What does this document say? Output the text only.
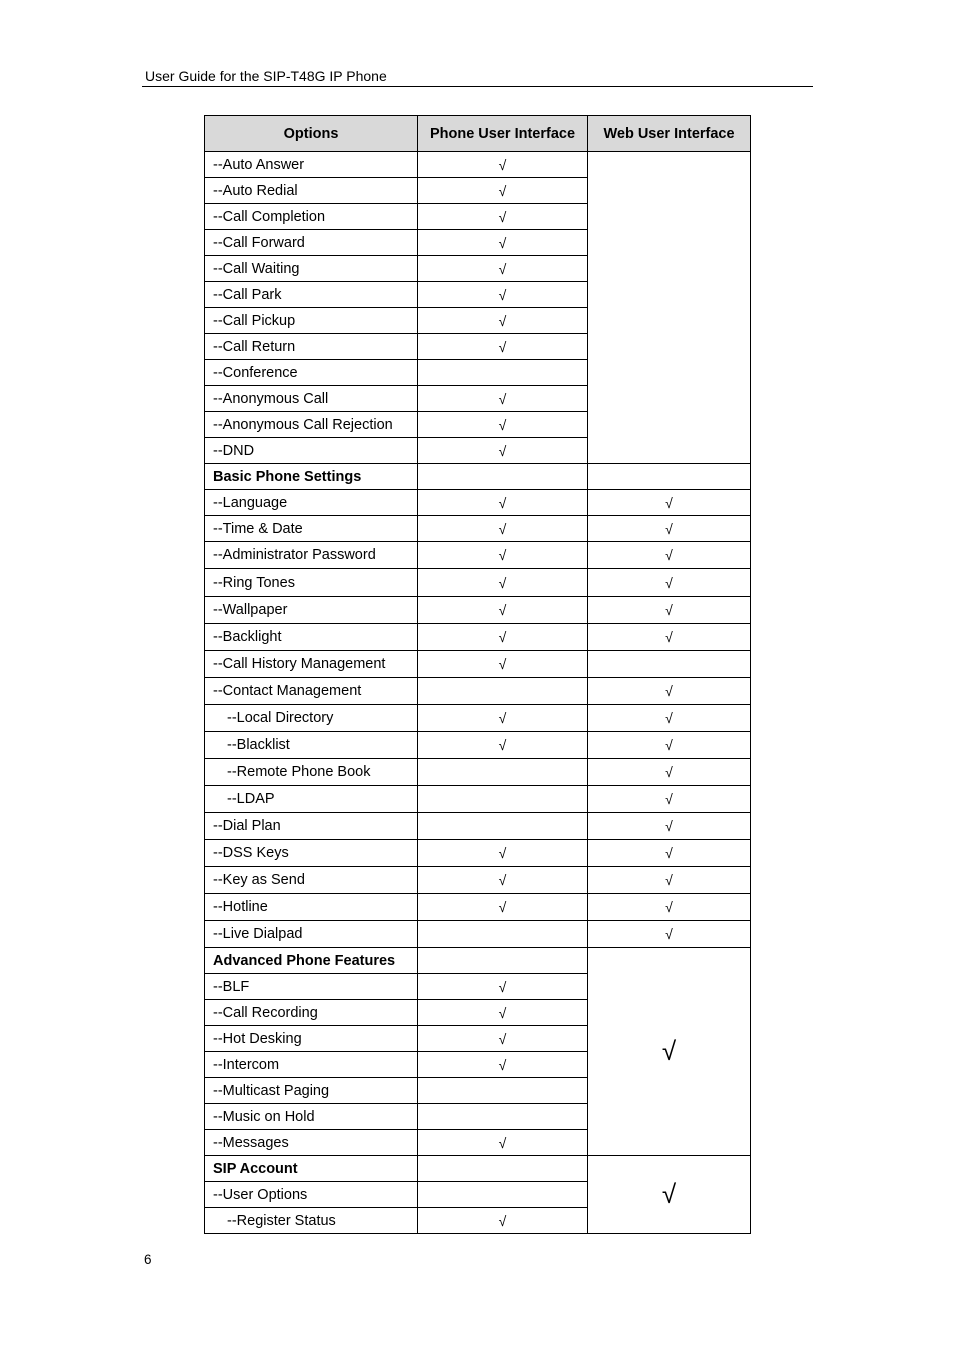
User Guide for the SIP-T48G IP Phone
Options	Phone User Interface	Web User Interface
--Auto Answer	√	
--Auto Redial	√	
--Call Completion	√	
--Call Forward	√	
--Call Waiting	√	
--Call Park	√	
--Call Pickup	√	
--Call Return	√	
--Conference		
--Anonymous Call	√	
--Anonymous Call Rejection	√	
--DND	√	
Basic Phone Settings		
--Language	√	√
--Time & Date	√	√
--Administrator Password	√	√
--Ring Tones	√	√
--Wallpaper	√	√
--Backlight	√	√
--Call History Management	√	
--Contact Management		√
--Local Directory	√	√
--Blacklist	√	√
--Remote Phone Book		√
--LDAP		√
--Dial Plan		√
--DSS Keys	√	√
--Key as Send	√	√
--Hotline	√	√
--Live Dialpad		√
Advanced Phone Features		√
--BLF	√	
--Call Recording	√	
--Hot Desking	√	
--Intercom	√	
--Multicast Paging		
--Music on Hold		
--Messages	√	
SIP Account		√
--User Options		
--Register Status	√	
6
